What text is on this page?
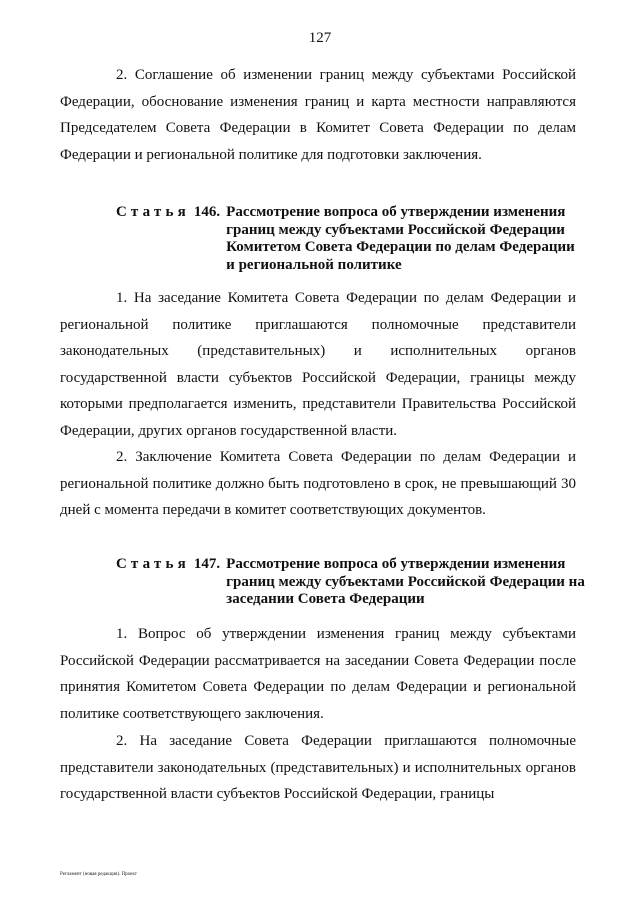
127
2. Соглашение об изменении границ между субъектами Российской Федерации, обоснование изменения границ и карта местности направляются Председателем Совета Федерации в Комитет Совета Федерации по делам Федерации и региональной политике для подготовки заключения.
Статья 146. Рассмотрение вопроса об утверждении изменения границ между субъектами Российской Федерации Комитетом Совета Федерации по делам Федерации и региональной политике
1. На заседание Комитета Совета Федерации по делам Федерации и региональной политике приглашаются полномочные представители законодательных (представительных) и исполнительных органов государственной власти субъектов Российской Федерации, границы между которыми предполагается изменить, представители Правительства Российской Федерации, других органов государственной власти.
2. Заключение Комитета Совета Федерации по делам Федерации и региональной политике должно быть подготовлено в срок, не превышающий 30 дней с момента передачи в комитет соответствующих документов.
Статья 147. Рассмотрение вопроса об утверждении изменения границ между субъектами Российской Федерации на заседании Совета Федерации
1. Вопрос об утверждении изменения границ между субъектами Российской Федерации рассматривается на заседании Совета Федерации после принятия Комитетом Совета Федерации по делам Федерации и региональной политике соответствующего заключения.
2. На заседание Совета Федерации приглашаются полномочные представители законодательных (представительных) и исполнительных органов государственной власти субъектов Российской Федерации, границы
Регламент (новая редакция). Проект
